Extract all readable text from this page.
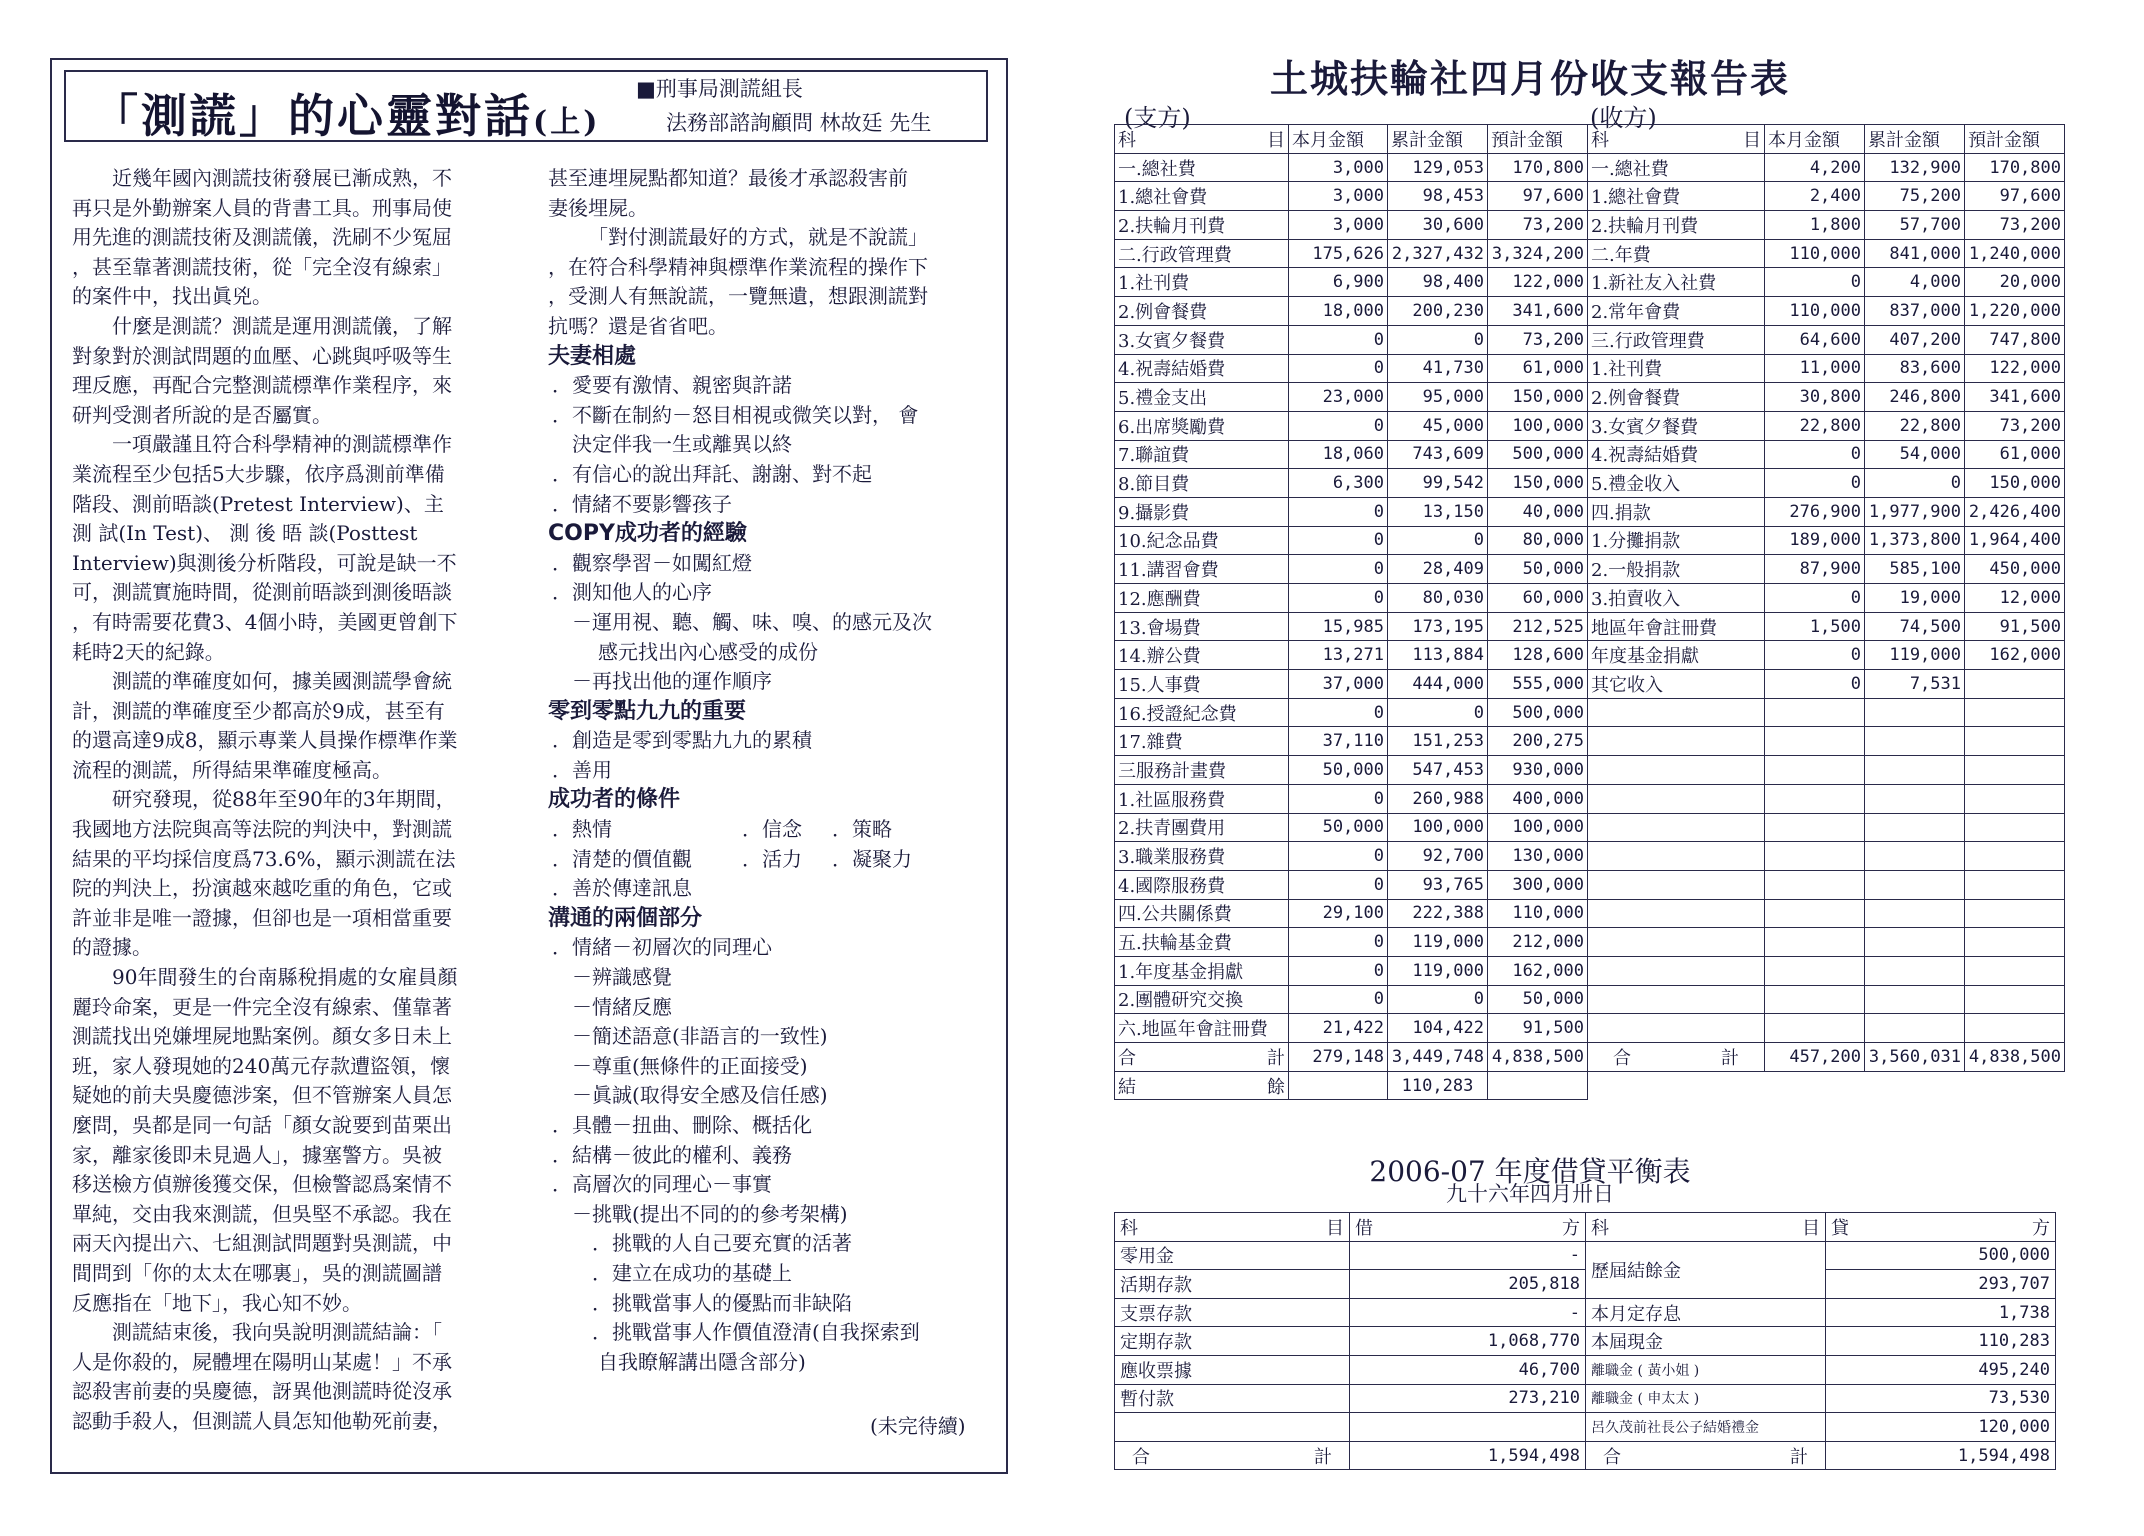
「測謊」的心靈對話(上)
■刑事局測謊組長
法務部諮詢顧問 林故廷 先生
近幾年國內測謊技術發展已漸成熟，不
再只是外勤辦案人員的背書工具。刑事局使
用先進的測謊技術及測謊儀，洗刷不少冤屈
，甚至靠著測謊技術，從「完全沒有線索」
的案件中，找出眞兇。
什麼是測謊？測謊是運用測謊儀，了解
對象對於測試問題的血壓、心跳與呼吸等生
理反應，再配合完整測謊標準作業程序，來
研判受測者所說的是否屬實。
一項嚴謹且符合科學精神的測謊標準作
業流程至少包括5大步驟，依序爲測前準備
階段、測前晤談(Pretest Interview)、主
測 試(In Test)、 測 後 晤 談(Posttest
Interview)與測後分析階段，可說是缺一不
可，測謊實施時間，從測前晤談到測後晤談
，有時需要花費3、4個小時，美國更曾創下
耗時2天的紀錄。
測謊的準確度如何，據美國測謊學會統
計，測謊的準確度至少都高於9成，甚至有
的還高達9成8，顯示專業人員操作標準作業
流程的測謊，所得結果準確度極高。
研究發現，從88年至90年的3年期間，
我國地方法院與高等法院的判決中，對測謊
結果的平均採信度爲73.6%，顯示測謊在法
院的判決上，扮演越來越吃重的角色，它或
許並非是唯一證據，但卻也是一項相當重要
的證據。
90年間發生的台南縣稅捐處的女雇員顏
麗玲命案，更是一件完全沒有線索、僅靠著
測謊找出兇嫌埋屍地點案例。顏女多日未上
班，家人發現她的240萬元存款遭盜領，懷
疑她的前夫吳慶德涉案，但不管辦案人員怎
麼問，吳都是同一句話「顏女說要到苗栗出
家，離家後即未見過人」，據塞警方。吳被
移送檢方偵辦後獲交保，但檢警認爲案情不
單純，交由我來測謊，但吳堅不承認。我在
兩天內提出六、七組測試問題對吳測謊，中
間問到「你的太太在哪裏」，吳的測謊圖譜
反應指在「地下」，我心知不妙。
測謊結束後，我向吳說明測謊結論：「
人是你殺的，屍體埋在陽明山某處！」不承
認殺害前妻的吳慶德，訝異他測謊時從沒承
認動手殺人，但測謊人員怎知他勒死前妻，
甚至連埋屍點都知道？最後才承認殺害前
妻後埋屍。
「對付測謊最好的方式，就是不說謊」
，在符合科學精神與標準作業流程的操作下
，受測人有無說謊，一覽無遺，想跟測謊對
抗嗎？還是省省吧。
夫妻相處
．愛要有激情、親密與許諾
．不斷在制約－怒目相視或微笑以對， 會
決定伴我一生或離異以終
．有信心的說出拜託、謝謝、對不起
．情緒不要影響孩子
COPY成功者的經驗
．觀察學習－如闖紅燈
．測知他人的心序
－運用視、聽、觸、味、嗅、的感元及次
感元找出內心感受的成份
－再找出他的運作順序
零到零點九九的重要
．創造是零到零點九九的累積
．善用
成功者的條件
．熱情	．信念	．策略
．清楚的價值觀	．活力	．凝聚力
．善於傳達訊息
溝通的兩個部分
．情緒－初層次的同理心
－辨識感覺
－情緒反應
－簡述語意(非語言的一致性)
－尊重(無條件的正面接受)
－眞誠(取得安全感及信任感)
．具體－扭曲、刪除、概括化
．結構－彼此的權利、義務
．高層次的同理心－事實
－挑戰(提出不同的的參考架構)
．挑戰的人自己要充實的活著
．建立在成功的基礎上
．挑戰當事人的優點而非缺陷
．挑戰當事人作價值澄清(自我探索到
自我瞭解講出隱含部分)
(未完待續)
土城扶輪社四月份收支報告表
(支方)	(收方)
科 目	本月金額	累計金額	預計金額	科 目	本月金額	累計金額	預計金額
一.總社費	3,000	129,053	170,800	一.總社費	4,200	132,900	170,800
1.總社會費	3,000	98,453	97,600	1.總社會費	2,400	75,200	97,600
2.扶輪月刊費	3,000	30,600	73,200	2.扶輪月刊費	1,800	57,700	73,200
二.行政管理費	175,626	2,327,432	3,324,200	二.年費	110,000	841,000	1,240,000
1.社刊費	6,900	98,400	122,000	1.新社友入社費	0	4,000	20,000
2.例會餐費	18,000	200,230	341,600	2.常年會費	110,000	837,000	1,220,000
3.女賓夕餐費	0	0	73,200	三.行政管理費	64,600	407,200	747,800
4.祝壽結婚費	0	41,730	61,000	1.社刊費	11,000	83,600	122,000
5.禮金支出	23,000	95,000	150,000	2.例會餐費	30,800	246,800	341,600
6.出席獎勵費	0	45,000	100,000	3.女賓夕餐費	22,800	22,800	73,200
7.聯誼費	18,060	743,609	500,000	4.祝壽結婚費	0	54,000	61,000
8.節目費	6,300	99,542	150,000	5.禮金收入	0	0	150,000
9.攝影費	0	13,150	40,000	四.捐款	276,900	1,977,900	2,426,400
10.紀念品費	0	0	80,000	1.分攤捐款	189,000	1,373,800	1,964,400
11.講習會費	0	28,409	50,000	2.一般捐款	87,900	585,100	450,000
12.應酬費	0	80,030	60,000	3.拍賣收入	0	19,000	12,000
13.會場費	15,985	173,195	212,525	地區年會註冊費	1,500	74,500	91,500
14.辦公費	13,271	113,884	128,600	年度基金捐獻	0	119,000	162,000
15.人事費	37,000	444,000	555,000	其它收入	0	7,531	
16.授證紀念費	0	0	500,000				
17.雜費	37,110	151,253	200,275				
三服務計畫費	50,000	547,453	930,000				
1.社區服務費	0	260,988	400,000				
2.扶青團費用	50,000	100,000	100,000				
3.職業服務費	0	92,700	130,000				
4.國際服務費	0	93,765	300,000				
四.公共關係費	29,100	222,388	110,000				
五.扶輪基金費	0	119,000	212,000				
1.年度基金捐獻	0	119,000	162,000				
2.團體研究交換	0	0	50,000				
六.地區年會註冊費	21,422	104,422	91,500				

合 計	279,148	3,449,748	4,838,500	合 計	457,200	3,560,031	4,838,500

結 餘		110,283					
2006-07 年度借貸平衡表
九十六年四月卅日
科 目	借 方	科 目	貸 方

零用金	-	歷屆結餘金	500,000
活期存款	205,818		293,707
支票存款	-	本月定存息	1,738
定期存款	1,068,770	本屆現金	110,283
應收票據	46,700	離職金 ( 黃小姐 )	495,240
暫付款	273,210	離職金 ( 申太太 )	73,530
		呂久茂前社長公子結婚禮金	120,000

合 計	1,594,498	合 計	1,594,498
